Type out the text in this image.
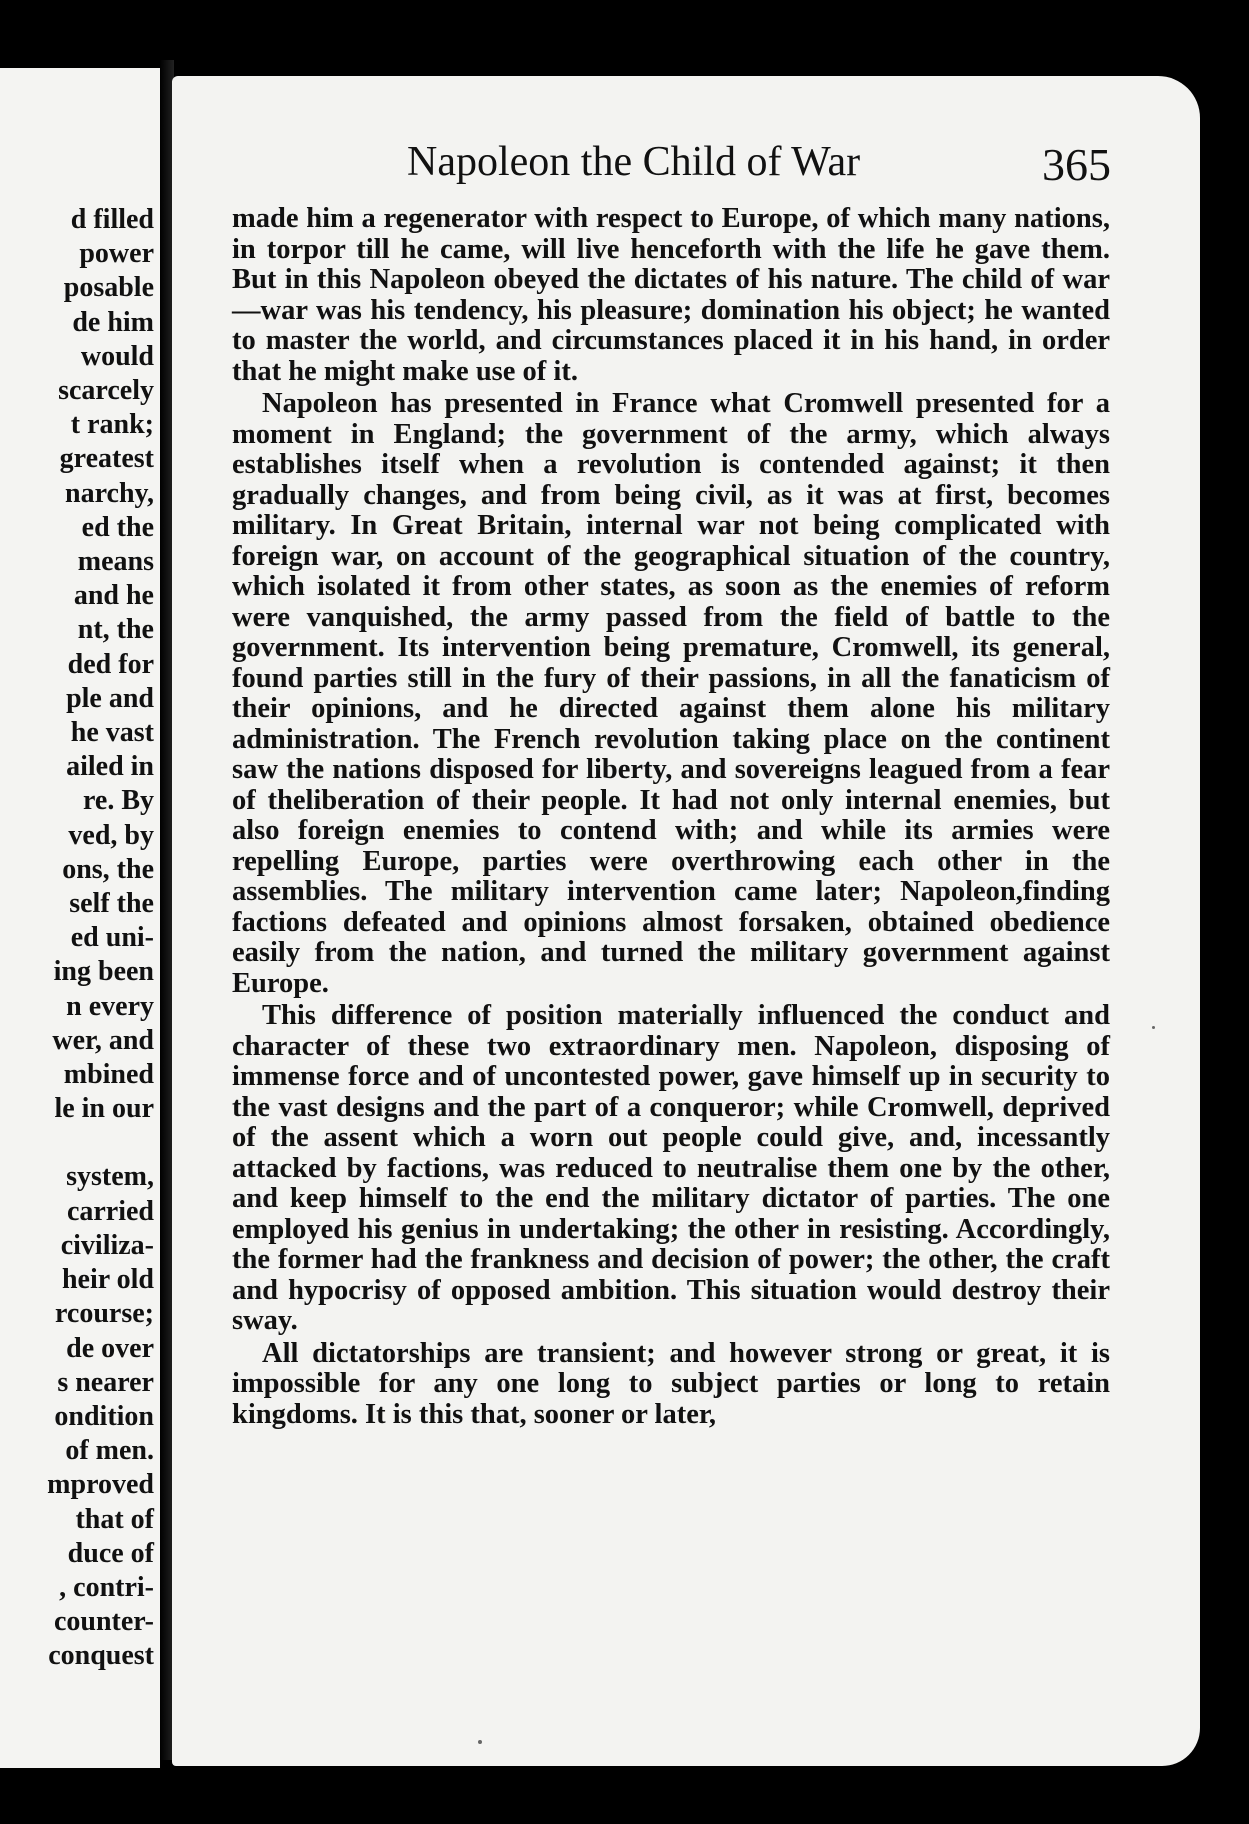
d filled
power
posable
de him
would
scarcely
t rank;
greatest
narchy,
ed the
means
and he
nt, the
ded for
ple and
he vast
ailed in
re. By
ved, by
ons, the
self the
ed uni-
ing been
n every
wer, and
mbined
le in our
system,
carried
civiliza-
heir old
rcourse;
de over
s nearer
ondition
of men.
mproved
that of
duce of
, contri-
counter-
conquest
Napoleon the Child of War	365

made him a regenerator with respect to Europe, of which many nations, in torpor till he came, will live henceforth with the life he gave them. But in this Napoleon obeyed the dictates of his nature. The child of war—war was his tendency, his pleasure; domination his object; he wanted to master the world, and circumstances placed it in his hand, in order that he might make use of it.

Napoleon has presented in France what Cromwell presented for a moment in England; the government of the army, which always establishes itself when a revolution is contended against; it then gradually changes, and from being civil, as it was at first, becomes military. In Great Britain, internal war not being complicated with foreign war, on account of the geographical situation of the country, which isolated it from other states, as soon as the enemies of reform were vanquished, the army passed from the field of battle to the government. Its intervention being premature, Cromwell, its general, found parties still in the fury of their passions, in all the fanaticism of their opinions, and he directed against them alone his military administration. The French revolution taking place on the continent saw the nations disposed for liberty, and sovereigns leagued from a fear of theliberation of their people. It had not only internal enemies, but also foreign enemies to contend with; and while its armies were repelling Europe, parties were overthrowing each other in the assemblies. The military intervention came later; Napoleon,finding factions defeated and opinions almost forsaken, obtained obedience easily from the nation, and turned the military government against Europe.

This difference of position materially influenced the conduct and character of these two extraordinary men. Napoleon, disposing of immense force and of uncontested power, gave himself up in security to the vast designs and the part of a conqueror; while Cromwell, deprived of the assent which a worn out people could give, and, incessantly attacked by factions, was reduced to neutralise them one by the other, and keep himself to the end the military dictator of parties. The one employed his genius in undertaking; the other in resisting. Accordingly, the former had the frankness and decision of power; the other, the craft and hypocrisy of opposed ambition. This situation would destroy their sway.

All dictatorships are transient; and however strong or great, it is impossible for any one long to subject parties or long to retain kingdoms. It is this that, sooner or later,
